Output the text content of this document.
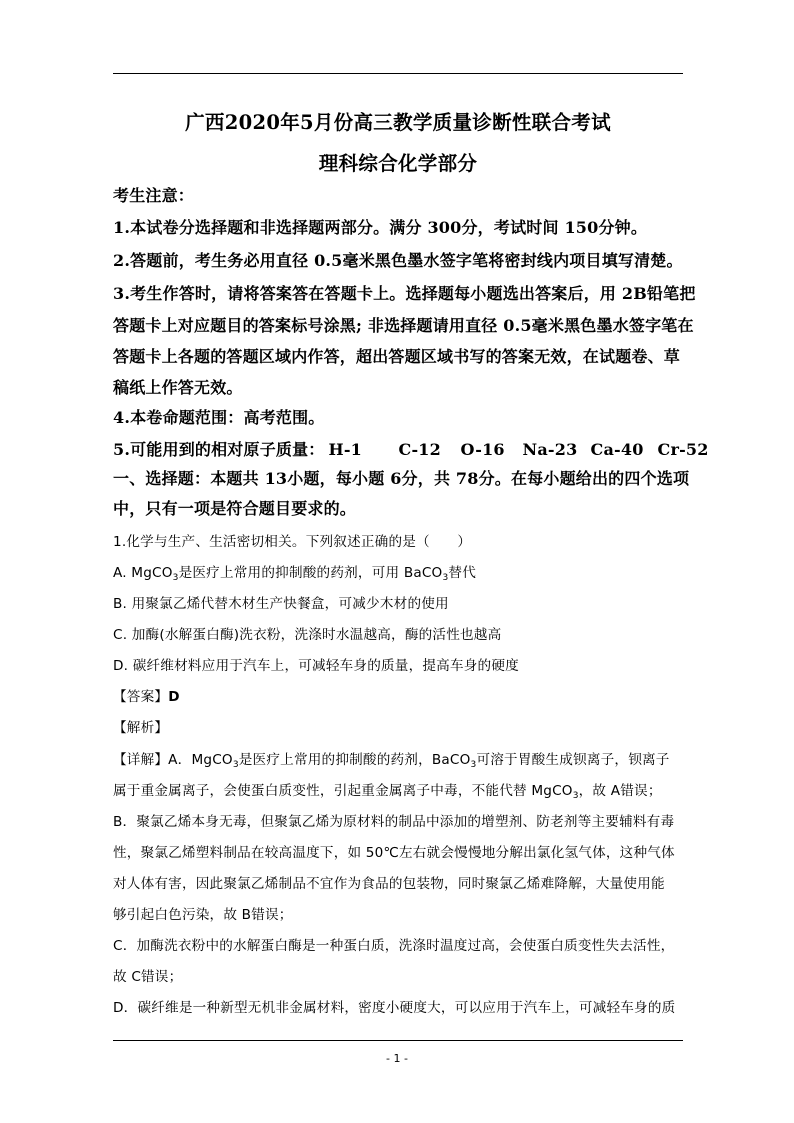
广西2020年5月份高三教学质量诊断性联合考试
理科综合化学部分
考生注意：
1.本试卷分选择题和非选择题两部分。满分 300分，考试时间 150分钟。
2.答题前，考生务必用直径 0.5毫米黑色墨水签字笔将密封线内项目填写清楚。
3.考生作答时，请将答案答在答题卡上。选择题每小题选出答案后，用 2B铅笔把
答题卡上对应题目的答案标号涂黑; 非选择题请用直径 0.5毫米黑色墨水签字笔在
答题卡上各题的答题区域内作答，超出答题区域书写的答案无效，在试题卷、草
稿纸上作答无效。
4.本卷命题范围：高考范围。
5.可能用到的相对原子质量： H-1 C-12 O-16 Na-23 Ca-40 Cr-52
一、选择题：本题共 13小题，每小题 6分，共 78分。在每小题给出的四个选项
中，只有一项是符合题目要求的。
1.化学与生产、生活密切相关。下列叙述正确的是（　　）
A. MgCO$_3$是医疗上常用的抑制酸的药剂，可用 BaCO$_3$替代
B. 用聚氯乙烯代替木材生产快餐盒，可减少木材的使用
C. 加酶(水解蛋白酶)洗衣粉，洗涤时水温越高，酶的活性也越高
D. 碳纤维材料应用于汽车上，可减轻车身的质量，提高车身的硬度
【答案】D
【解析】
【详解】A．MgCO$_3$是医疗上常用的抑制酸的药剂，BaCO$_3$可溶于胃酸生成钡离子，钡离子
属于重金属离子，会使蛋白质变性，引起重金属离子中毒，不能代替 MgCO$_3$，故 A错误；
B．聚氯乙烯本身无毒，但聚氯乙烯为原材料的制品中添加的增塑剂、防老剂等主要辅料有毒
性，聚氯乙烯塑料制品在较高温度下，如 50℃左右就会慢慢地分解出氯化氢气体，这种气体
对人体有害，因此聚氯乙烯制品不宜作为食品的包装物，同时聚氯乙烯难降解，大量使用能
够引起白色污染，故 B错误；
C．加酶洗衣粉中的水解蛋白酶是一种蛋白质，洗涤时温度过高，会使蛋白质变性失去活性，
故 C错误；
D．碳纤维是一种新型无机非金属材料，密度小硬度大，可以应用于汽车上，可减轻车身的质
- 1 -
